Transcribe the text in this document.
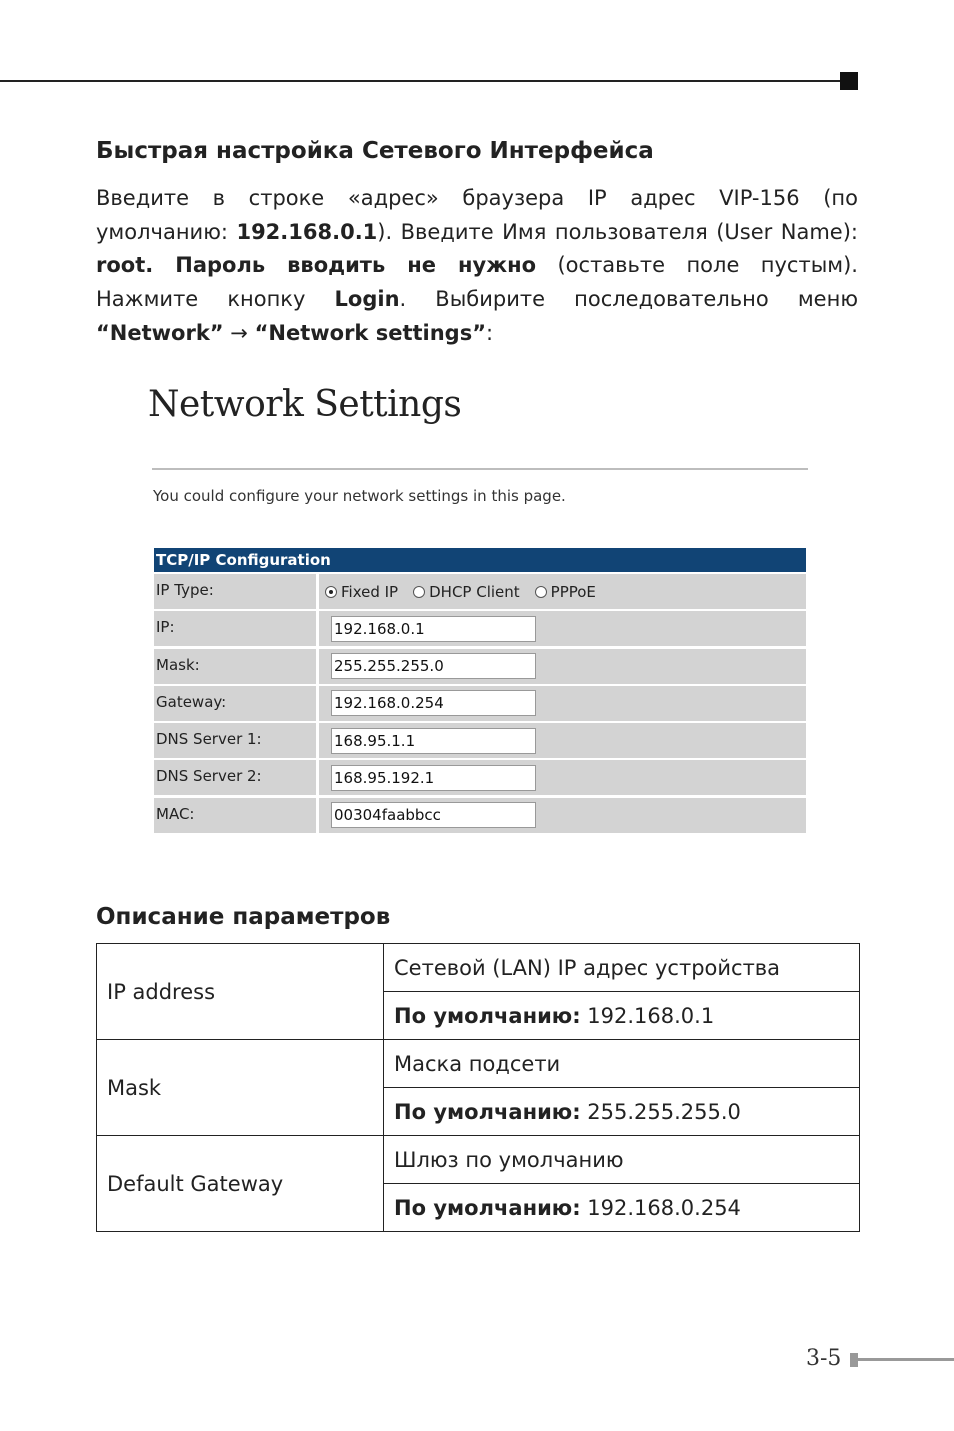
Быстрая настройка Сетевого Интерфейса

Введите в строке «адрес» браузера IP адрес VIP-156 (по умолчанию: 192.168.0.1). Введите Имя пользователя (User Name): root. Пароль вводить не нужно (оставьте поле пустым). Нажмите кнопку Login. Выбирите последовательно меню “Network” → “Network settings”:

Network Settings

You could configure your network settings in this page.

TCP/IP Configuration
IP Type:	Fixed IP DHCP Client PPPoE
IP:	192.168.0.1
Mask:	255.255.255.0
Gateway:	192.168.0.254
DNS Server 1:	168.95.1.1
DNS Server 2:	168.95.192.1
MAC:	00304faabbcc
Описание параметров
IP address	Сетевой (LAN) IP адрес устройства
	По умолчанию: 192.168.0.1
Mask	Маска подсети
	По умолчанию: 255.255.255.0
Default Gateway	Шлюз по умолчанию
	По умолчанию: 192.168.0.254

3-5
